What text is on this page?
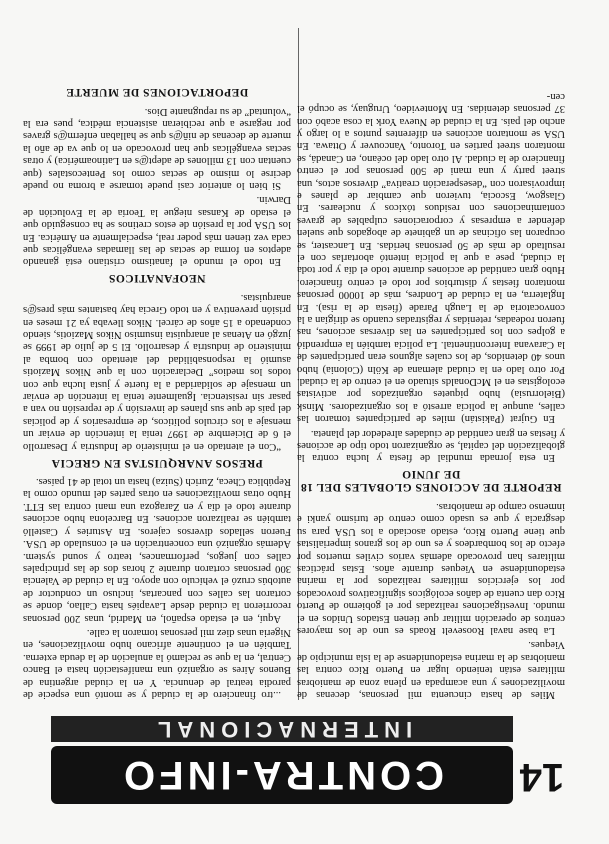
14
CONTRA-INFO
INTERNACIONAL

Miles de hasta cincuenta mil personas, decenas de movilizaciones y una acampada en plena zona de maniobras militares están teniendo lugar en Puerto Rico contra las maniobras de la marina estadounidense de la isla municipio de Vieques.

La base naval Roosevelt Roads es uno de los mayores centros de operación militar que tienen Estados Unidos en el mundo. Investigaciones realizadas por el gobierno de Puerto Rico dan cuenta de daños ecológicos significativos provocados por los ejercicios militares realizados por la marina estadounidense en Vieques durante años. Estas prácticas militares han provocado además varios civiles muertos por efecto de los bombardeos y es uno de los granos imperialistas que tiene Puerto Rico, estado asociado a los USA para su desgracia y que es usado como centro de turismo yanki e inmenso campo de maniobras.

REPORTE DE ACCIONES GLOBALES DEL 18 DE JUNIO

En esta jornada mundial de fiesta y lucha contra la globalización del capital, se organizaron todo tipo de acciones y fiestas en gran cantidad de ciudades alrededor del planeta.

En Gujrat (Pakistán) miles de participantes tomaron las calles, aunque la policía arrestó a los organizadores. Minsk (Bielorrusia) hubo piquetes organizados por activistas ecologistas en el McDonalds situado en el centro de la ciudad. Por otro lado en la ciudad alemana de Köln (Colonia) hubo unos 40 detenidos, de los cuales algunos eran participantes de la Caravana Intercontinental. La policía también la emprendió a golpes con los participantes en las diversas acciones, nas fueron rodeadas, retenidas y registradas cuando se dirigían a la convocatoria de la Laugh Parade (fiesta de la risa). En Inglaterra, en la ciudad de Londres, más de 10000 personas montaron fiestas y disturbios por todo el centro financiero. Hubo gran cantidad de acciones durante todo el día y por toda la ciudad, pese a que la policía intentó abortarlas con el resultado de más de 50 personas heridas. En Lancaster, se ocuparon las oficinas de un gabinete de abogados que suelen defender a empresas y corporaciones culpables de graves contaminaciones con residuos tóxicos y nucleares. En Glasgow, Escocia, tuvieron que cambiar de planes e improvisaron con “desesperación creativa” diversos actos, una street party y una mani de 500 personas por el centro financiero de la ciudad. Al otro lado del océano, en Canadá, se montaron street parties en Toronto, Vancouver y Ottawa. En USA se montaron acciones en diferentes puntos a lo largo y ancho del país. En la ciudad de Nueva York la cosa acabó con 37 personas detenidas. En Montevideo, Uruguay, se ocupó el cen-

...tro financiero de la ciudad y se montó una especie de parodia teatral de denuncia. Y en la ciudad argentina de Buenos Aires se organizó una manifestación hasta el Banco Central, en la que se reclamó la anulación de la deuda externa. También en el continente africano hubo movilizaciones, en Nigeria unas diez mil personas tomaron la calle.

Aquí, en el estado español, en Madrid, unas 200 personas recorrieron la ciudad desde Lavapiés hasta Callao, donde se cortaron las calles con pancartas, incluso un conductor de autobús cruzó el vehículo con apoyo. En la ciudad de Valencia 300 personas cortaron durante 2 horas dos de las principales calles con juegos, performances, teatro y sound system. Además organizó una concentración en el consulado de USA. Fueron sellados diversos cajeros. En Asturies y Castelló también se realizaron acciones. En Barcelona hubo acciones durante todo el día y en Zaragoza una mani contra las ETT. Hubo otras movilizaciones en otras partes del mundo como la República Checa, Zurich (Suiza) hasta un total de 41 países.

PRESOS ANARQUISTAS EN GRECIA

“Con el atentado en el ministerio de Industria y Desarrollo el 6 de Diciembre de 1997 tenía la intención de enviar un mensaje a los círculos políticos, de empresarios y de policías del país de que sus planes de inversión y de represión no van a pasar sin resistencia. Igualmente tenía la intención de enviar un mensaje de solidaridad a la fuerte y justa lucha que con todos los medios” Declaración con la que Nikos Maziotis asumió la responsabilidad del atentado con bomba al ministerio de industria y desarrollo. El 5 de julio de 1999 se juzgó en Atenas al anarquista insumiso Nikos Maziotis, siendo condenado a 15 años de cárcel. Nikos llevaba ya 21 meses en prisión preventiva y en todo Grecia hay bastantes más pres@s anarquistas.

NEOFANATICOS

En todo el mundo el fanatismo cristiano está ganando adeptos en forma de sectas de las llamadas evangélicas que cada vez tienen más poder real, especialmente en América. En los USA por la presión de estos cretinos se ha conseguido que el estado de Kansas niegue la Teoría de la Evolución de Darwin.

Si bien lo anterior casi puede tomarse a broma no puede decirse lo mismo de sectas como los Pentecostales (que cuentan con 13 millones de adept@s en Latinoamérica) y otras sectas evangélicas que han provocado en lo que va de año la muerte de decenas de niñ@s que se hallaban enferm@s graves por negarse a que recibieran asistencia médica, pues era la “voluntad” de su repugnante Dios.

DEPORTACIONES DE MUERTE
